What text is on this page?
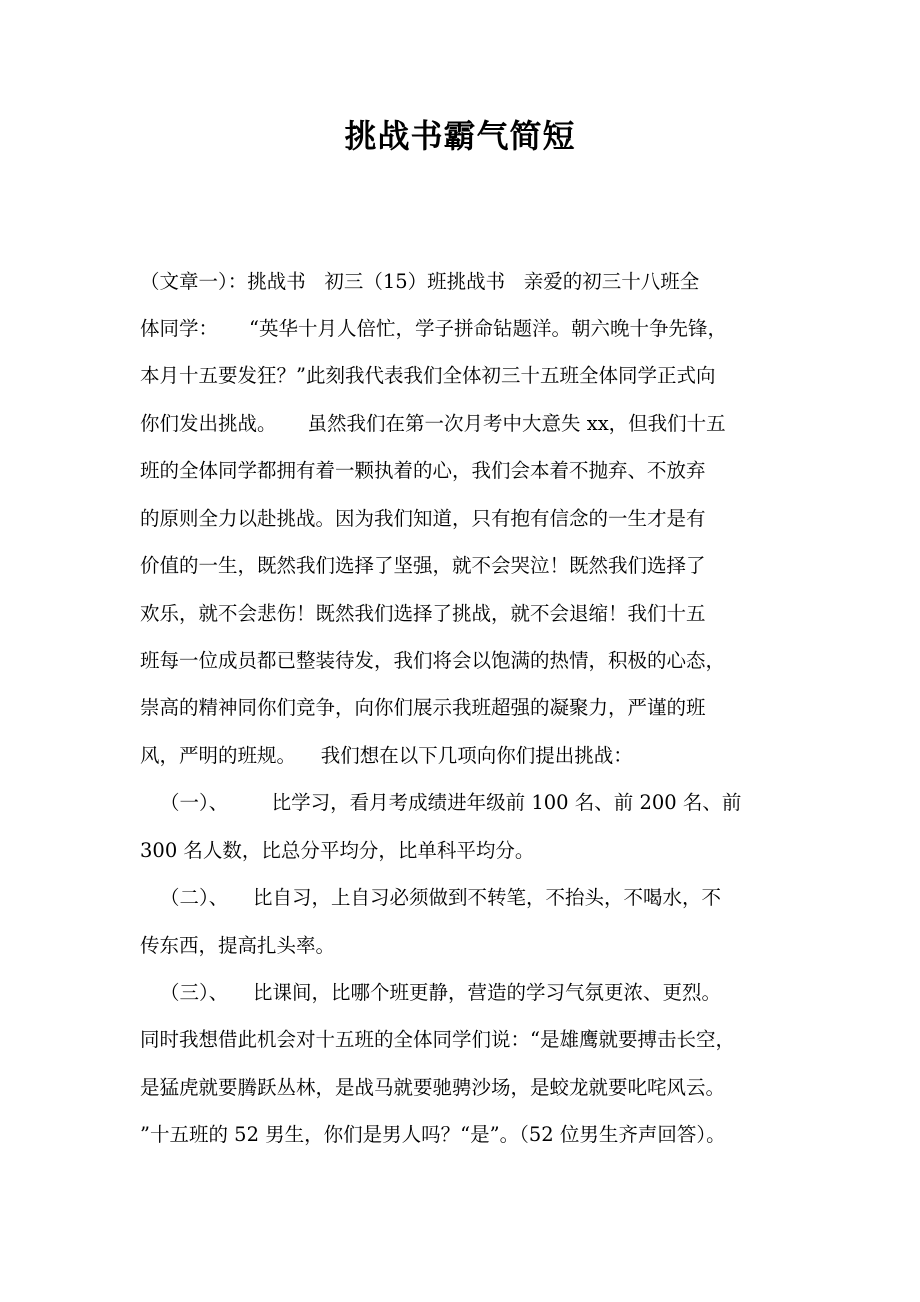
挑战书霸气简短
（文章一）：挑战书   初三（15）班挑战书   亲爱的初三十八班全
体同学：     “英华十月人倍忙，学子拼命钻题洋。朝六晚十争先锋，
本月十五要发狂？”此刻我代表我们全体初三十五班全体同学正式向
你们发出挑战。     虽然我们在第一次月考中大意失 xx，但我们十五
班的全体同学都拥有着一颗执着的心，我们会本着不抛弃、不放弃
的原则全力以赴挑战。因为我们知道，只有抱有信念的一生才是有
价值的一生，既然我们选择了坚强，就不会哭泣！既然我们选择了
欢乐，就不会悲伤！既然我们选择了挑战，就不会退缩！我们十五
班每一位成员都已整装待发，我们将会以饱满的热情，积极的心态，
崇高的精神同你们竞争，向你们展示我班超强的凝聚力，严谨的班
风，严明的班规。    我们想在以下几项向你们提出挑战：
（一）、       比学习，看月考成绩进年级前 100 名、前 200 名、前
300 名人数，比总分平均分，比单科平均分。
（二）、    比自习，上自习必须做到不转笔，不抬头，不喝水，不
传东西，提高扎头率。
（三）、    比课间，比哪个班更静，营造的学习气氛更浓、更烈。
同时我想借此机会对十五班的全体同学们说：“是雄鹰就要搏击长空，
是猛虎就要腾跃丛林，是战马就要驰骋沙场，是蛟龙就要叱咤风云。
”十五班的 52 男生，你们是男人吗？“是”。（52 位男生齐声回答）。
